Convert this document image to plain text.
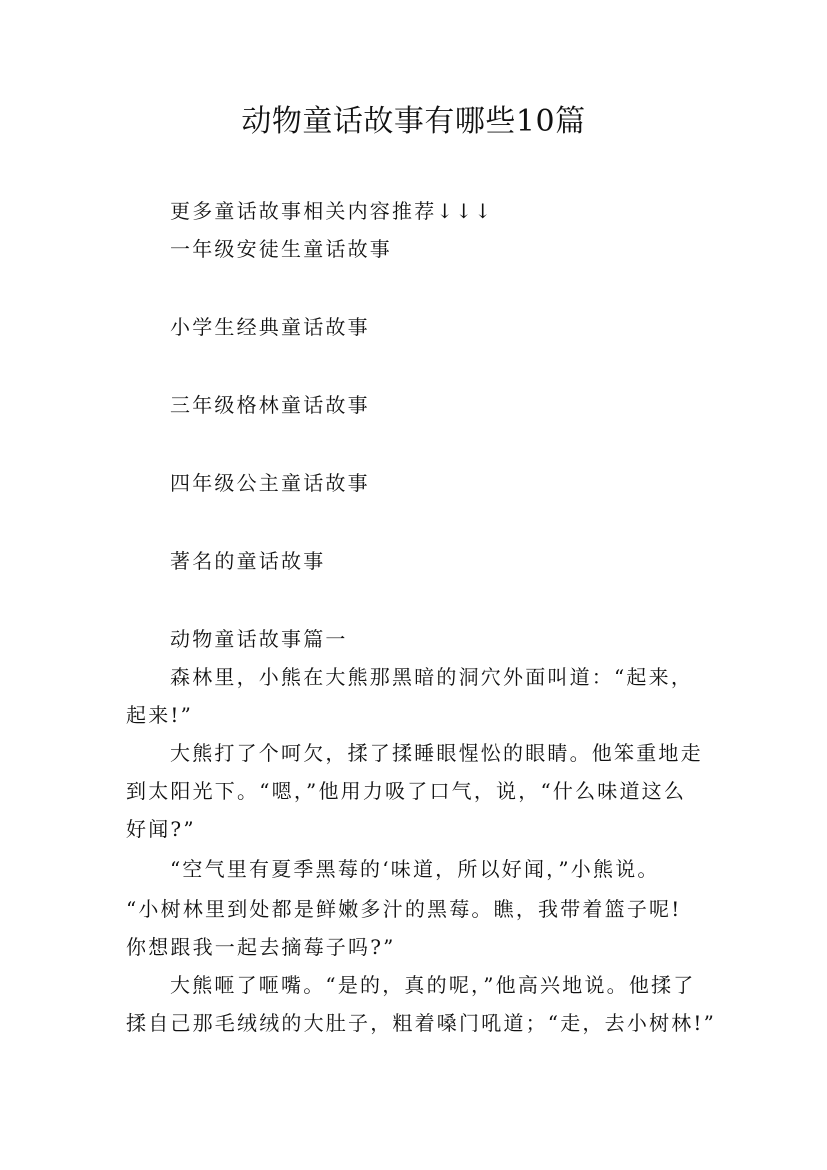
动物童话故事有哪些10篇
更多童话故事相关内容推荐↓↓↓
一年级安徒生童话故事
小学生经典童话故事
三年级格林童话故事
四年级公主童话故事
著名的童话故事
动物童话故事篇一
森林里，小熊在大熊那黑暗的洞穴外面叫道：“起来，
起来!”
大熊打了个呵欠，揉了揉睡眼惺忪的眼睛。他笨重地走
到太阳光下。“嗯，”他用力吸了口气，说，“什么味道这么
好闻?”
“空气里有夏季黑莓的‘味道，所以好闻，”小熊说。
“小树林里到处都是鲜嫩多汁的黑莓。瞧，我带着篮子呢!
你想跟我一起去摘莓子吗?”
大熊咂了咂嘴。“是的，真的呢，”他高兴地说。他揉了
揉自己那毛绒绒的大肚子，粗着嗓门吼道；“走，去小树林!”
